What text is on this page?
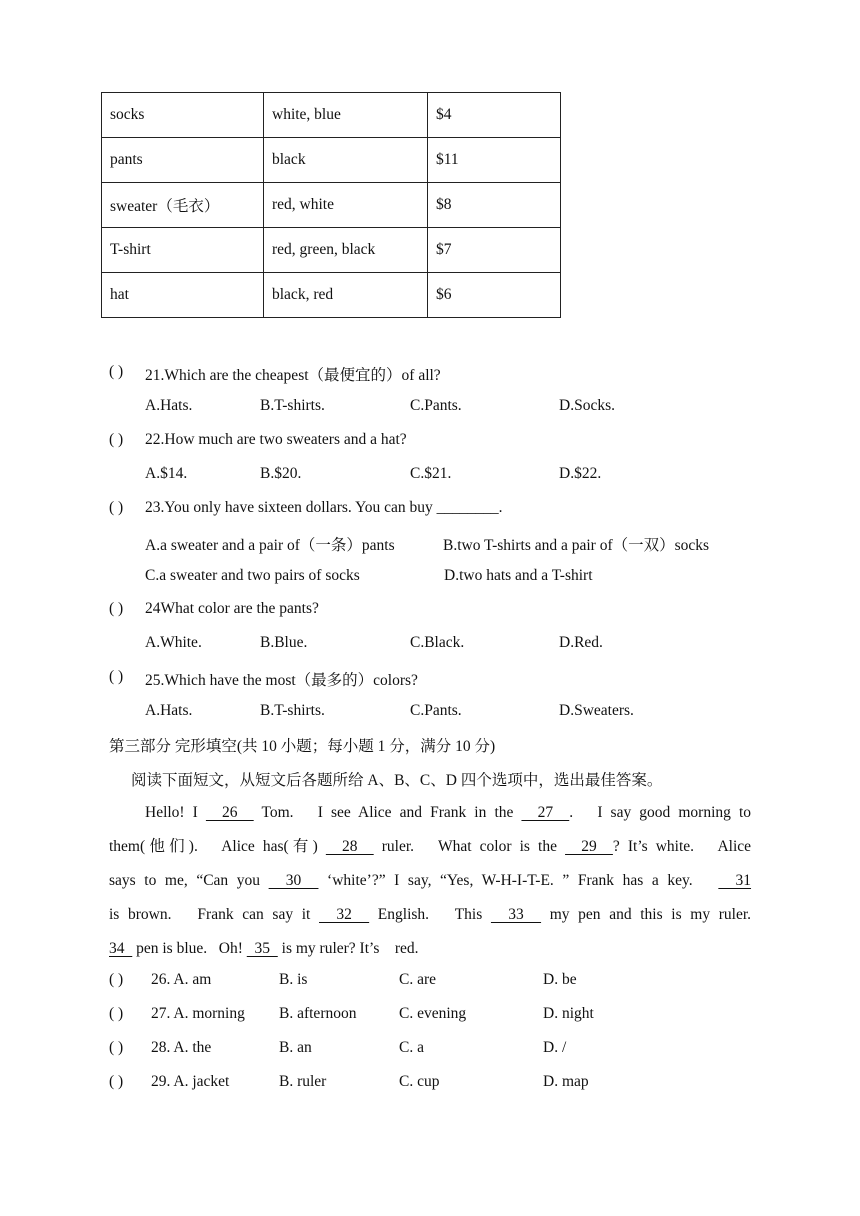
socks	white, blue	$4
pants	black	$11
sweater（毛衣）	red, white	$8
T-shirt	red, green, black	$7
hat	black, red	$6
( ) 21.Which are the cheapest（最便宜的）of all?
A.Hats.	B.T-shirts.	C.Pants.	D.Socks.
( ) 22.How much are two sweaters and a hat?
A.$14.	B.$20.	C.$21.	D.$22.
( ) 23.You only have sixteen dollars. You can buy ________.
A.a sweater and a pair of（一条）pants	B.two T-shirts and a pair of（一双）socks
C.a sweater and two pairs of socks	D.two hats and a T-shirt
( ) 24What color are the pants?
A.White.	B.Blue.	C.Black.	D.Red.
( ) 25.Which have the most（最多的）colors?
A.Hats.	B.T-shirts.	C.Pants.	D.Sweaters.
第三部分 完形填空(共 10 小题；每小题 1 分，满分 10 分)
阅读下面短文，从短文后各题所给 A、B、C、D 四个选项中，选出最佳答案。
Hello! I   26   Tom.   I see Alice and Frank in the   27  .   I say good morning to
them(他们).   Alice has(有)   28   ruler.   What color is the   29  ? It’s white.   Alice
says to me, “Can you   30   ‘white’?” I say, “Yes, W-H-I-T-E. ” Frank has a key.     31
is brown.   Frank can say it   32   English.   This   33   my pen and this is my ruler.
34   pen is blue.   Oh!   35   is my ruler? It’s    red.
( ) 26. A. am	B. is	C. are	D. be
( ) 27. A. morning B. afternoon	C. evening	D. night
( ) 28. A. the	B. an	C. a	D. /
( ) 29. A. jacket	B. ruler	C. cup	D. map
